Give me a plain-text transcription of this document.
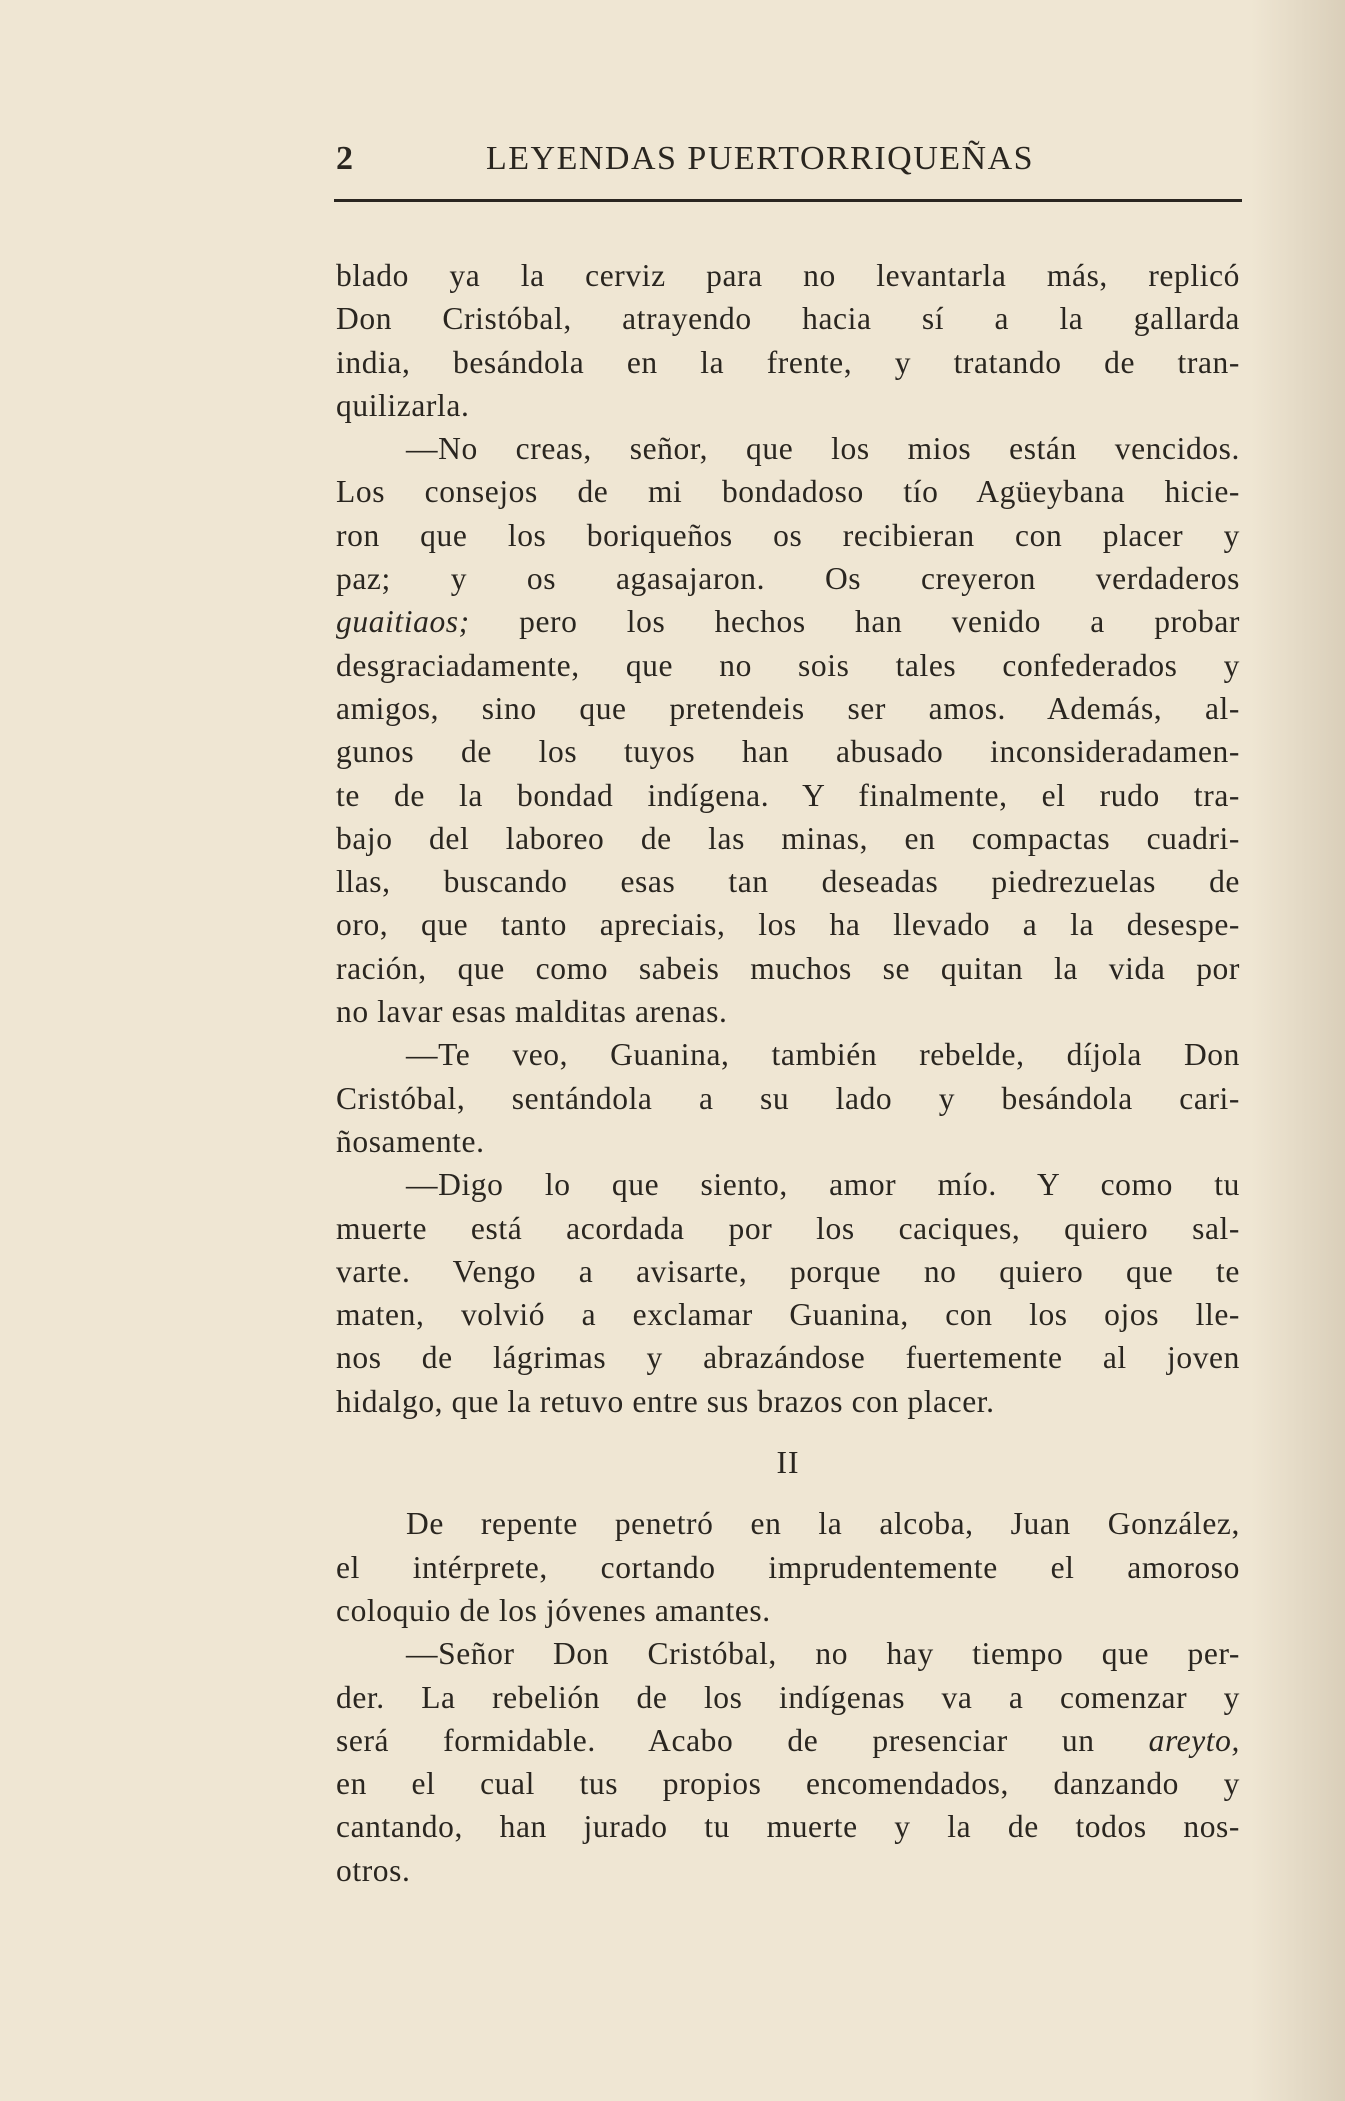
2	LEYENDAS PUERTORRIQUEÑAS
blado ya la cerviz para no levantarla más, replicó
Don Cristóbal, atrayendo hacia sí a la gallarda
india, besándola en la frente, y tratando de tran-
quilizarla.
—No creas, señor, que los mios están vencidos.
Los consejos de mi bondadoso tío Agüeybana hicie-
ron que los boriqueños os recibieran con placer y
paz; y os agasajaron. Os creyeron verdaderos
guaitiaos; pero los hechos han venido a probar
desgraciadamente, que no sois tales confederados y
amigos, sino que pretendeis ser amos. Además, al-
gunos de los tuyos han abusado inconsideradamen-
te de la bondad indígena. Y finalmente, el rudo tra-
bajo del laboreo de las minas, en compactas cuadri-
llas, buscando esas tan deseadas piedrezuelas de
oro, que tanto apreciais, los ha llevado a la desespe-
ración, que como sabeis muchos se quitan la vida por
no lavar esas malditas arenas.
—Te veo, Guanina, también rebelde, díjola Don
Cristóbal, sentándola a su lado y besándola cari-
ñosamente.
—Digo lo que siento, amor mío. Y como tu
muerte está acordada por los caciques, quiero sal-
varte. Vengo a avisarte, porque no quiero que te
maten, volvió a exclamar Guanina, con los ojos lle-
nos de lágrimas y abrazándose fuertemente al joven
hidalgo, que la retuvo entre sus brazos con placer.
II
De repente penetró en la alcoba, Juan González,
el intérprete, cortando imprudentemente el amoroso
coloquio de los jóvenes amantes.
—Señor Don Cristóbal, no hay tiempo que per-
der. La rebelión de los indígenas va a comenzar y
será formidable. Acabo de presenciar un areyto,
en el cual tus propios encomendados, danzando y
cantando, han jurado tu muerte y la de todos nos-
otros.
